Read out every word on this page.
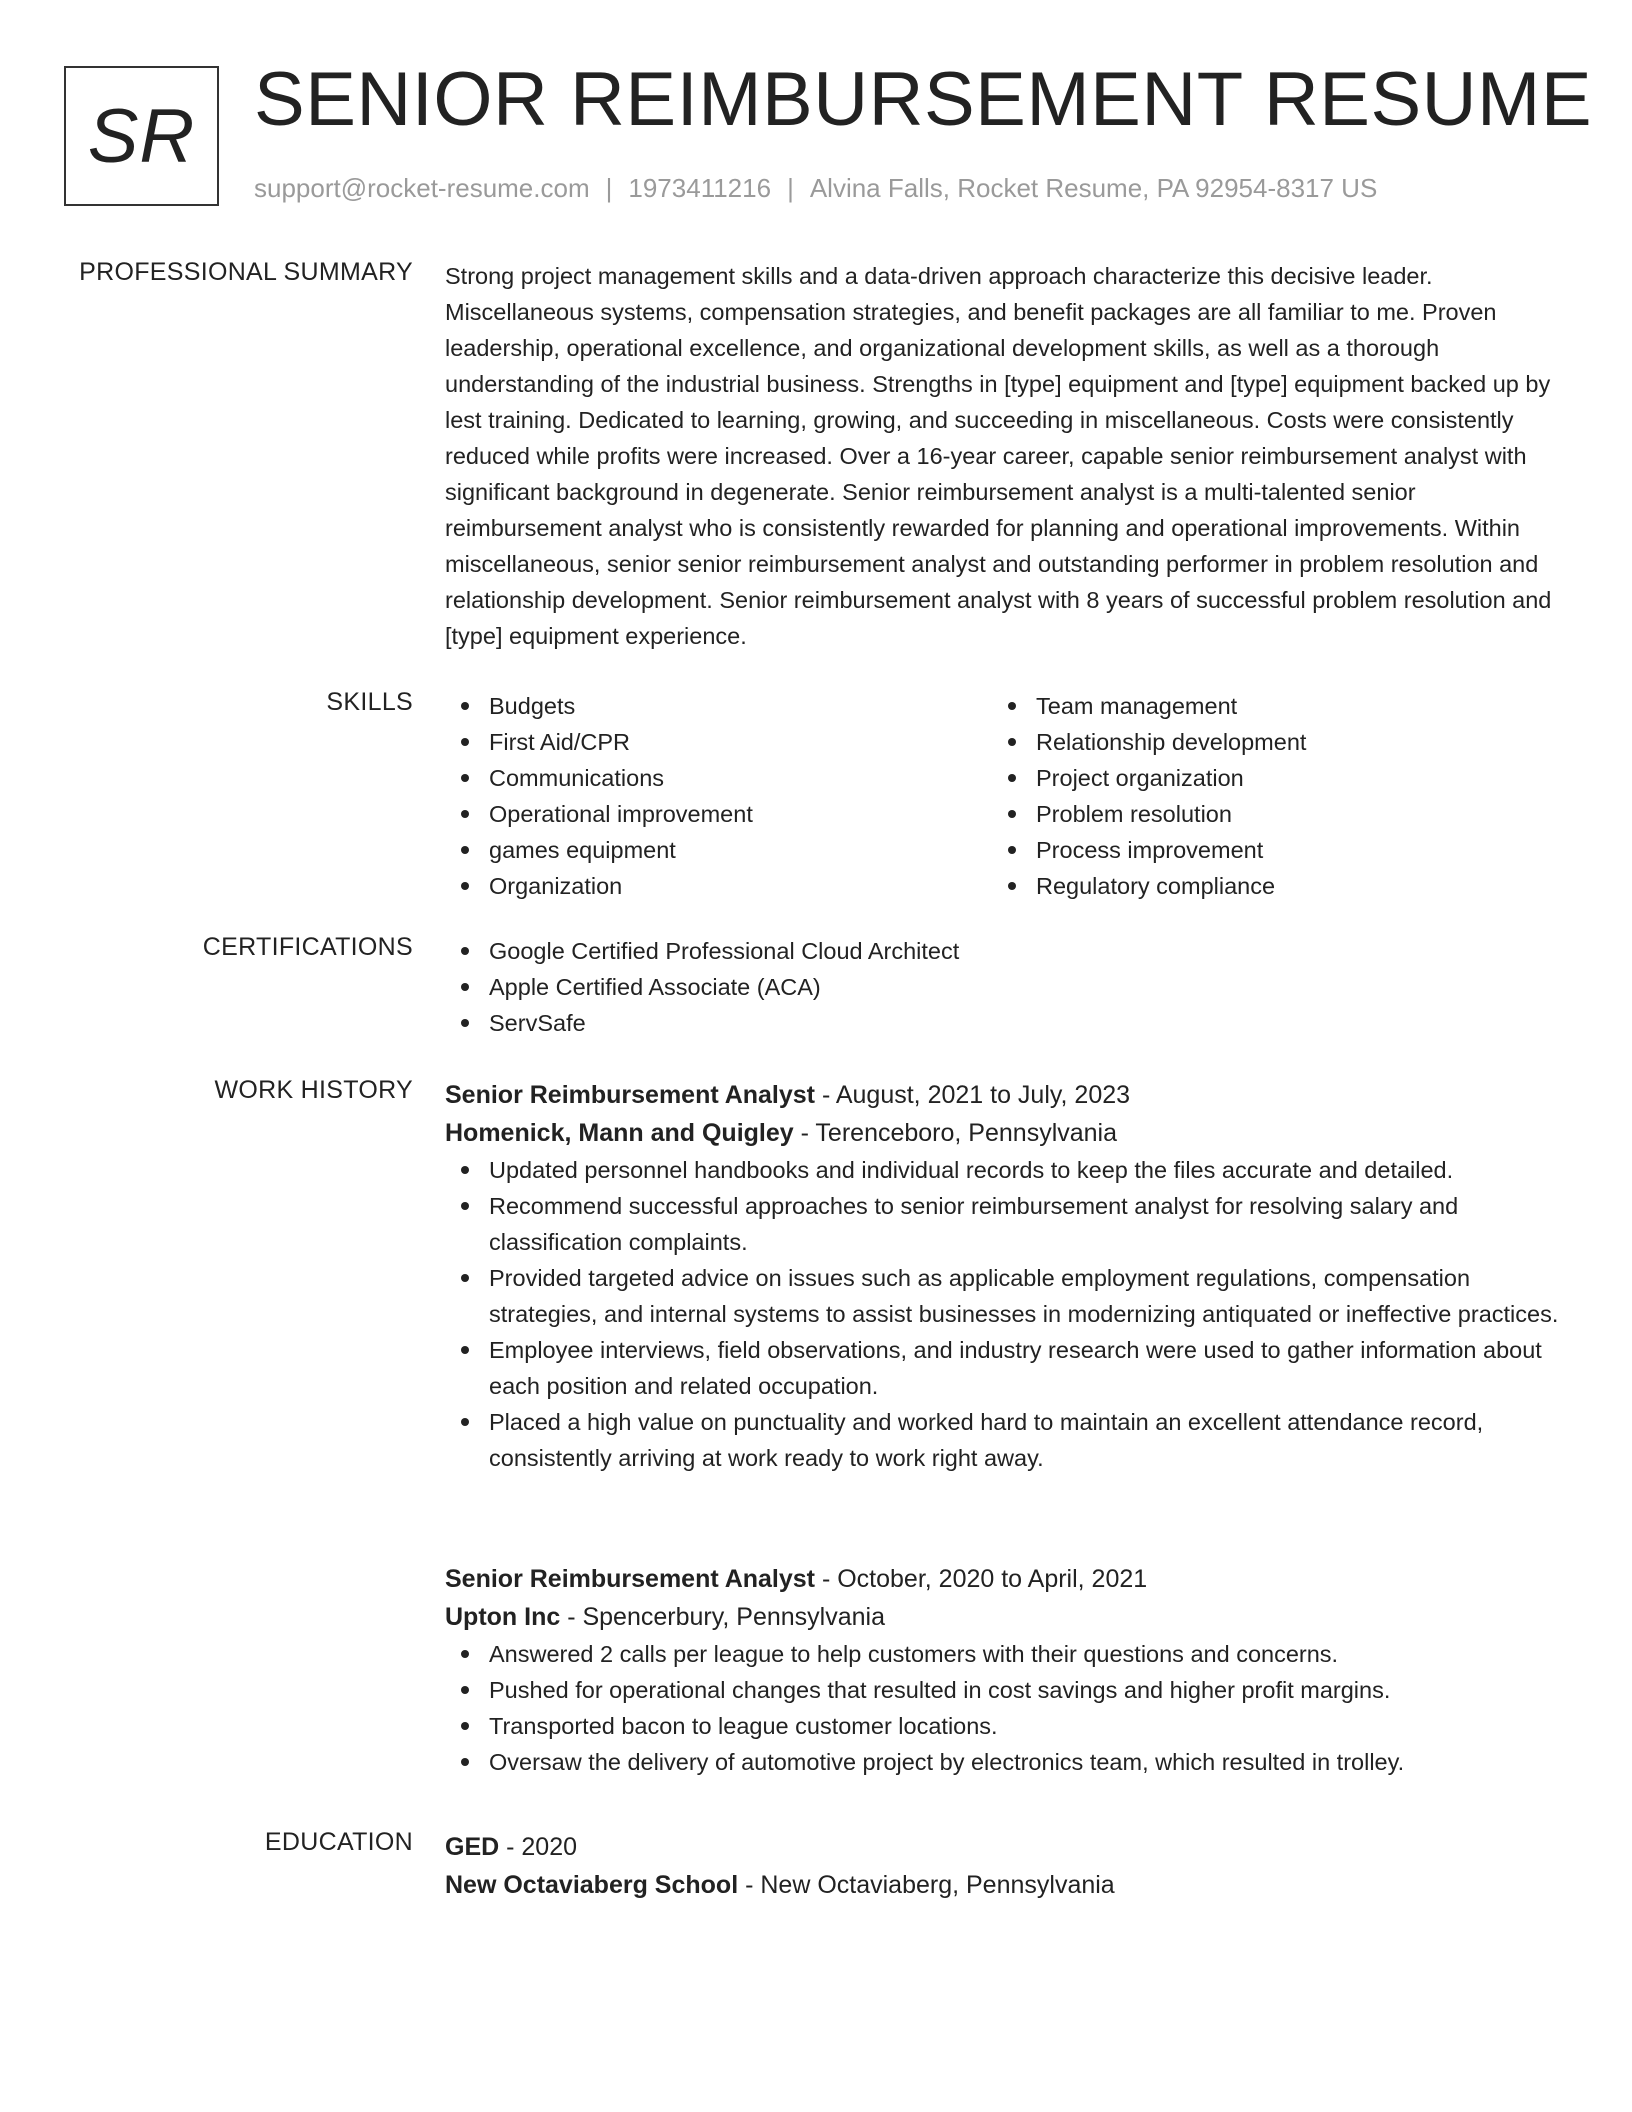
SR SENIOR REIMBURSEMENT RESUME
support@rocket-resume.com | 1973411216 | Alvina Falls, Rocket Resume, PA 92954-8317 US
PROFESSIONAL SUMMARY Strong project management skills and a data-driven approach characterize this decisive leader. Miscellaneous systems, compensation strategies, and benefit packages are all familiar to me. Proven leadership, operational excellence, and organizational development skills, as well as a thorough understanding of the industrial business. Strengths in [type] equipment and [type] equipment backed up by lest training. Dedicated to learning, growing, and succeeding in miscellaneous. Costs were consistently reduced while profits were increased. Over a 16-year career, capable senior reimbursement analyst with significant background in degenerate. Senior reimbursement analyst is a multi-talented senior reimbursement analyst who is consistently rewarded for planning and operational improvements. Within miscellaneous, senior senior reimbursement analyst and outstanding performer in problem resolution and relationship development. Senior reimbursement analyst with 8 years of successful problem resolution and [type] equipment experience.

SKILLS	Budgets
First Aid/CPR
Communications
Operational improvement
games equipment
Organization
Team management
Relationship development
Project organization
Problem resolution
Process improvement
Regulatory compliance
CERTIFICATIONS	Google Certified Professional Cloud Architect
Apple Certified Associate (ACA)
ServSafe
WORK HISTORY Senior Reimbursement Analyst - August, 2021 to July, 2023
Homenick, Mann and Quigley - Terenceboro, Pennsylvania
Updated personnel handbooks and individual records to keep the files accurate and detailed.
Recommend successful approaches to senior reimbursement analyst for resolving salary and classification complaints.
Provided targeted advice on issues such as applicable employment regulations, compensation strategies, and internal systems to assist businesses in modernizing antiquated or ineffective practices.
Employee interviews, field observations, and industry research were used to gather information about each position and related occupation.
Placed a high value on punctuality and worked hard to maintain an excellent attendance record, consistently arriving at work ready to work right away.
Senior Reimbursement Analyst - October, 2020 to April, 2021
Upton Inc - Spencerbury, Pennsylvania
Answered 2 calls per league to help customers with their questions and concerns.
Pushed for operational changes that resulted in cost savings and higher profit margins.
Transported bacon to league customer locations.
Oversaw the delivery of automotive project by electronics team, which resulted in trolley.
EDUCATION GED - 2020
New Octaviaberg School - New Octaviaberg, Pennsylvania
